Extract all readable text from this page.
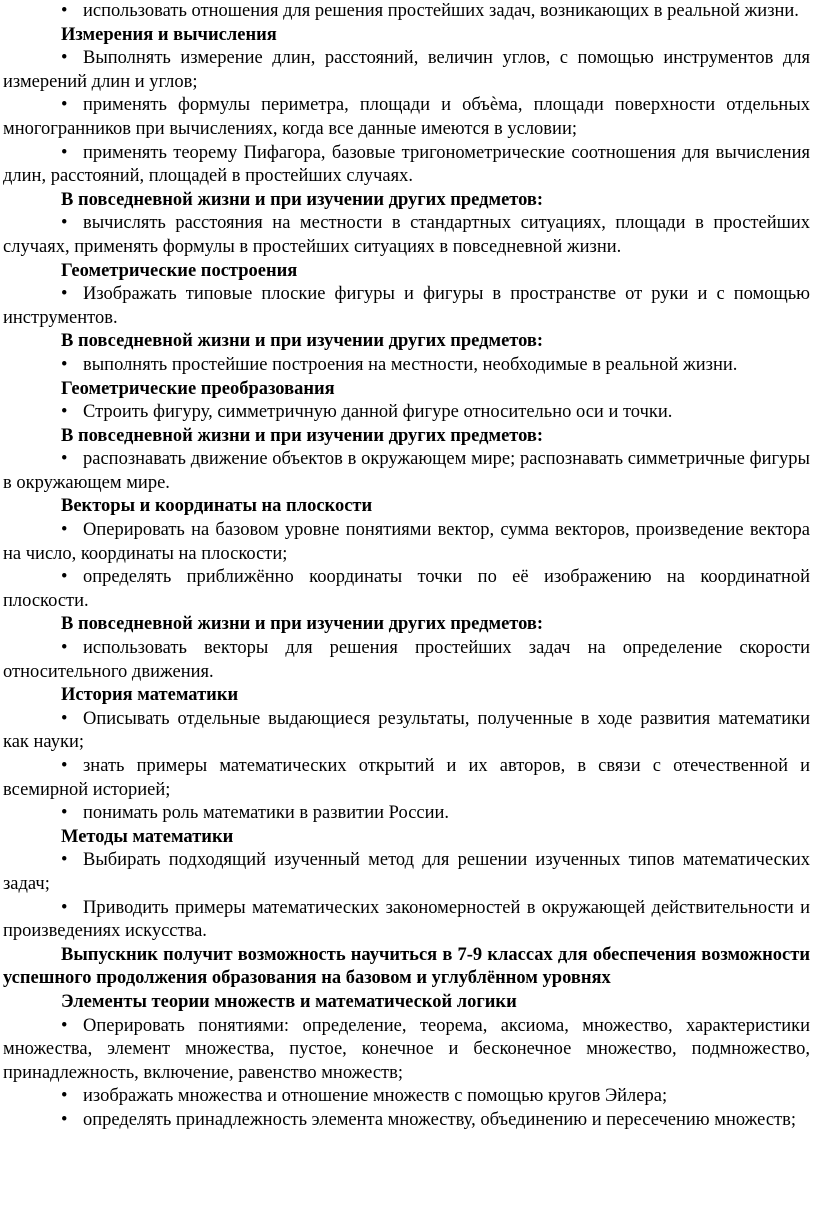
• использовать отношения для решения простейших задач, возникающих в реальной жизни.

Измерения и вычисления

• Выполнять измерение длин, расстояний, величин углов, с помощью инструментов для измерений длин и углов;

• применять формулы периметра, площади и объѐма, площади поверхности отдельных многогранников при вычислениях, когда все данные имеются в условии;

• применять теорему Пифагора, базовые тригонометрические соотношения для вычисления длин, расстояний, площадей в простейших случаях.

В повседневной жизни и при изучении других предметов:

• вычислять расстояния на местности в стандартных ситуациях, площади в простейших случаях, применять формулы в простейших ситуациях в повседневной жизни.

Геометрические построения

• Изображать типовые плоские фигуры и фигуры в пространстве от руки и с помощью инструментов.

В повседневной жизни и при изучении других предметов:

• выполнять простейшие построения на местности, необходимые в реальной жизни.

Геометрические преобразования

• Строить фигуру, симметричную данной фигуре относительно оси и точки.

В повседневной жизни и при изучении других предметов:

• распознавать движение объектов в окружающем мире; распознавать симметричные фигуры в окружающем мире.

Векторы и координаты на плоскости

• Оперировать на базовом уровне понятиями вектор, сумма векторов, произведение вектора на число, координаты на плоскости;

• определять приближённо координаты точки по её изображению на координатной плоскости.

В повседневной жизни и при изучении других предметов:

• использовать векторы для решения простейших задач на определение скорости относительного движения.

История математики

• Описывать отдельные выдающиеся результаты, полученные в ходе развития математики как науки;

• знать примеры математических открытий и их авторов, в связи с отечественной и всемирной историей;

• понимать роль математики в развитии России.

Методы математики

• Выбирать подходящий изученный метод для решении изученных типов математических задач;

• Приводить примеры математических закономерностей в окружающей действительности и произведениях искусства.

Выпускник получит возможность научиться в 7-9 классах для обеспечения возможности успешного продолжения образования на базовом и углублённом уровнях

Элементы теории множеств и математической логики

• Оперировать понятиями: определение, теорема, аксиома, множество, характеристики множества, элемент множества, пустое, конечное и бесконечное множество, подмножество, принадлежность, включение, равенство множеств;

• изображать множества и отношение множеств с помощью кругов Эйлера;

• определять принадлежность элемента множеству, объединению и пересечению множеств;
